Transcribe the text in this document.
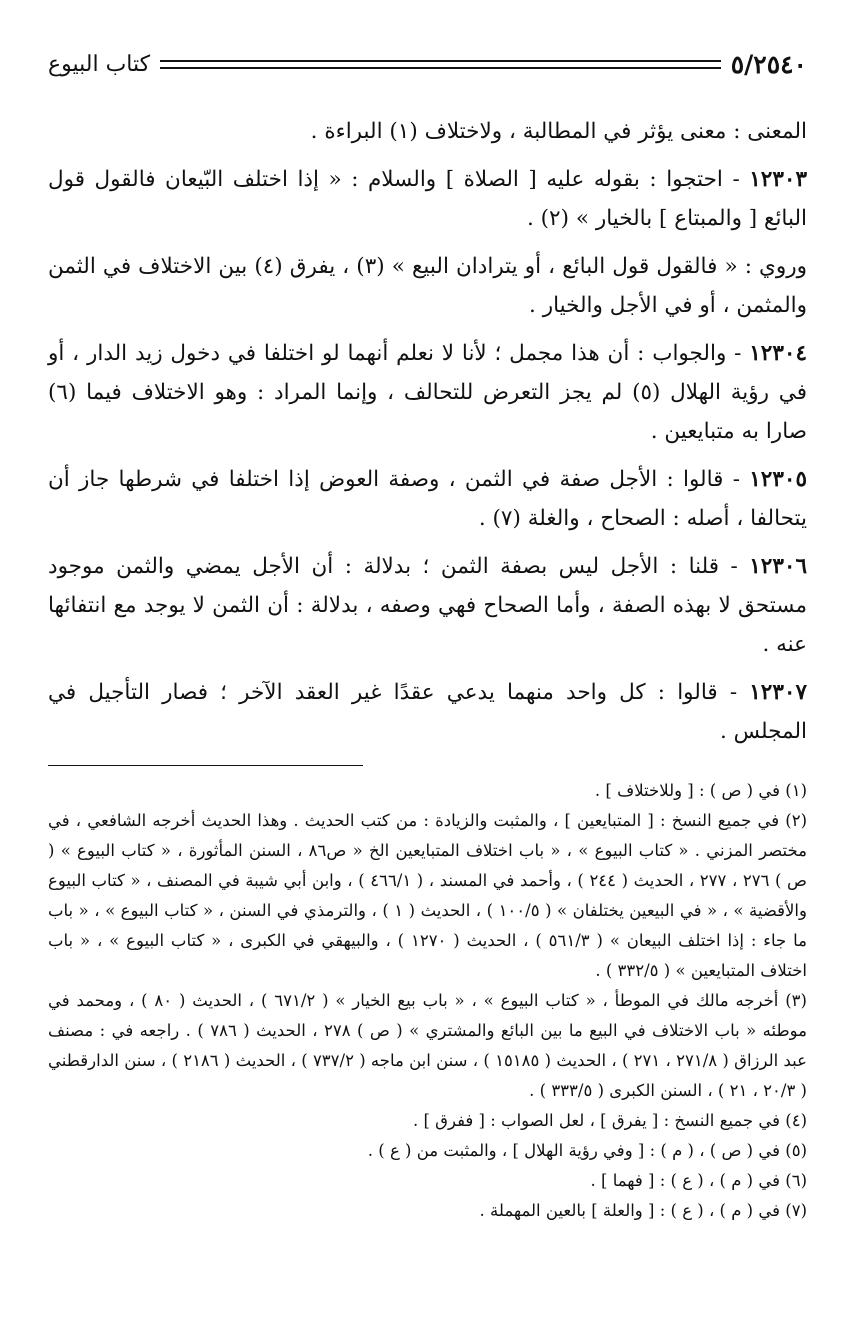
٥/٢٥٤٠
كتاب البيوع

المعنى : معنى يؤثر في المطالبة ، ولاختلاف (١) البراءة .

١٢٣٠٣ - احتجوا : بقوله عليه [ الصلاة ] والسلام : « إذا اختلف البّيعان فالقول قول البائع [ والمبتاع ] بالخيار » (٢) .

وروي : « فالقول قول البائع ، أو يترادان البيع » (٣) ، يفرق (٤) بين الاختلاف في الثمن والمثمن ، أو في الأجل والخيار .

١٢٣٠٤ - والجواب : أن هذا مجمل ؛ لأنا لا نعلم أنهما لو اختلفا في دخول زيد الدار ، أو في رؤية الهلال (٥) لم يجز التعرض للتحالف ، وإنما المراد : وهو الاختلاف فيما (٦) صارا به متبايعين .

١٢٣٠٥ - قالوا : الأجل صفة في الثمن ، وصفة العوض إذا اختلفا في شرطها جاز أن يتحالفا ، أصله : الصحاح ، والغلة (٧) .

١٢٣٠٦ - قلنا : الأجل ليس بصفة الثمن ؛ بدلالة : أن الأجل يمضي والثمن موجود مستحق لا بهذه الصفة ، وأما الصحاح فهي وصفه ، بدلالة : أن الثمن لا يوجد مع انتفائها عنه .

١٢٣٠٧ - قالوا : كل واحد منهما يدعي عقدًا غير العقد الآخر ؛ فصار التأجيل في المجلس .

(١) في ( ص ) : [ وللاختلاف ] .

(٢) في جميع النسخ : [ المتبايعين ] ، والمثبت والزيادة : من كتب الحديث . وهذا الحديث أخرجه الشافعي ، في مختصر المزني . « كتاب البيوع » ، « باب اختلاف المتبايعين الخ « ص٨٦ ، السنن المأثورة ، « كتاب البيوع » ( ص ) ٢٧٦ ، ٢٧٧ ، الحديث ( ٢٤٤ ) ، وأحمد في المسند ، ( ٤٦٦/١ ) ، وابن أبي شيبة في المصنف ، « كتاب البيوع والأقضية » ، « في البيعين يختلفان » ( ١٠٠/٥ ) ، الحديث ( ١ ) ، والترمذي في السنن ، « كتاب البيوع » ، « باب ما جاء : إذا اختلف البيعان » ( ٥٦١/٣ ) ، الحديث ( ١٢٧٠ ) ، والبيهقي في الكبرى ، « كتاب البيوع » ، « باب اختلاف المتبايعين » ( ٣٣٢/٥ ) .

(٣) أخرجه مالك في الموطأ ، « كتاب البيوع » ، « باب بيع الخيار » ( ٦٧١/٢ ) ، الحديث ( ٨٠ ) ، ومحمد في موطئه « باب الاختلاف في البيع ما بين البائع والمشتري » ( ص ) ٢٧٨ ، الحديث ( ٧٨٦ ) . راجعه في : مصنف عبد الرزاق ( ٢٧١/٨ ، ٢٧١ ) ، الحديث ( ١٥١٨٥ ) ، سنن ابن ماجه ( ٧٣٧/٢ ) ، الحديث ( ٢١٨٦ ) ، سنن الدارقطني ( ٢٠/٣ ، ٢١ ) ، السنن الكبرى ( ٣٣٣/٥ ) .

(٤) في جميع النسخ : [ يفرق ] ، لعل الصواب : [ ففرق ] .

(٥) في ( ص ) ، ( م ) : [ وفي رؤية الهلال ] ، والمثبت من ( ع ) .

(٦) في ( م ) ، ( ع ) : [ فهما ] .

(٧) في ( م ) ، ( ع ) : [ والعلة ] بالعين المهملة .
